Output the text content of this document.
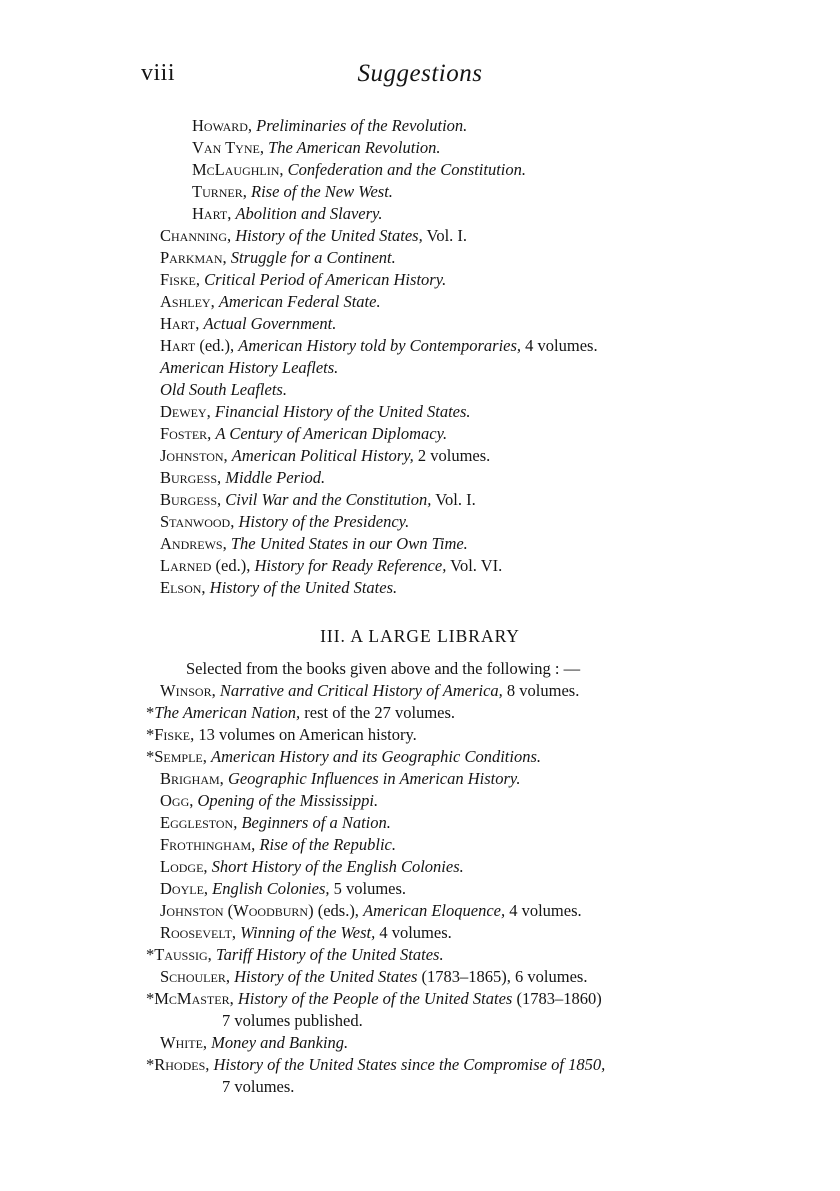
viii	Suggestions
Howard, Preliminaries of the Revolution.
Van Tyne, The American Revolution.
McLaughlin, Confederation and the Constitution.
Turner, Rise of the New West.
Hart, Abolition and Slavery.
Channing, History of the United States, Vol. I.
Parkman, Struggle for a Continent.
Fiske, Critical Period of American History.
Ashley, American Federal State.
Hart, Actual Government.
Hart (ed.), American History told by Contemporaries, 4 volumes.
American History Leaflets.
Old South Leaflets.
Dewey, Financial History of the United States.
Foster, A Century of American Diplomacy.
Johnston, American Political History, 2 volumes.
Burgess, Middle Period.
Burgess, Civil War and the Constitution, Vol. I.
Stanwood, History of the Presidency.
Andrews, The United States in our Own Time.
Larned (ed.), History for Ready Reference, Vol. VI.
Elson, History of the United States.
Selected from the books given above and the following : —
Winsor, Narrative and Critical History of America, 8 volumes.
*The American Nation, rest of the 27 volumes.
*Fiske, 13 volumes on American history.
*Semple, American History and its Geographic Conditions.
Brigham, Geographic Influences in American History.
Ogg, Opening of the Mississippi.
Eggleston, Beginners of a Nation.
Frothingham, Rise of the Republic.
Lodge, Short History of the English Colonies.
Doyle, English Colonies, 5 volumes.
Johnston (Woodburn) (eds.), American Eloquence, 4 volumes.
Roosevelt, Winning of the West, 4 volumes.
*Taussig, Tariff History of the United States.
Schouler, History of the United States (1783–1865), 6 volumes.
*McMaster, History of the People of the United States (1783–1860)
7 volumes published.
White, Money and Banking.
*Rhodes, History of the United States since the Compromise of 1850,
7 volumes.
III. A LARGE LIBRARY
